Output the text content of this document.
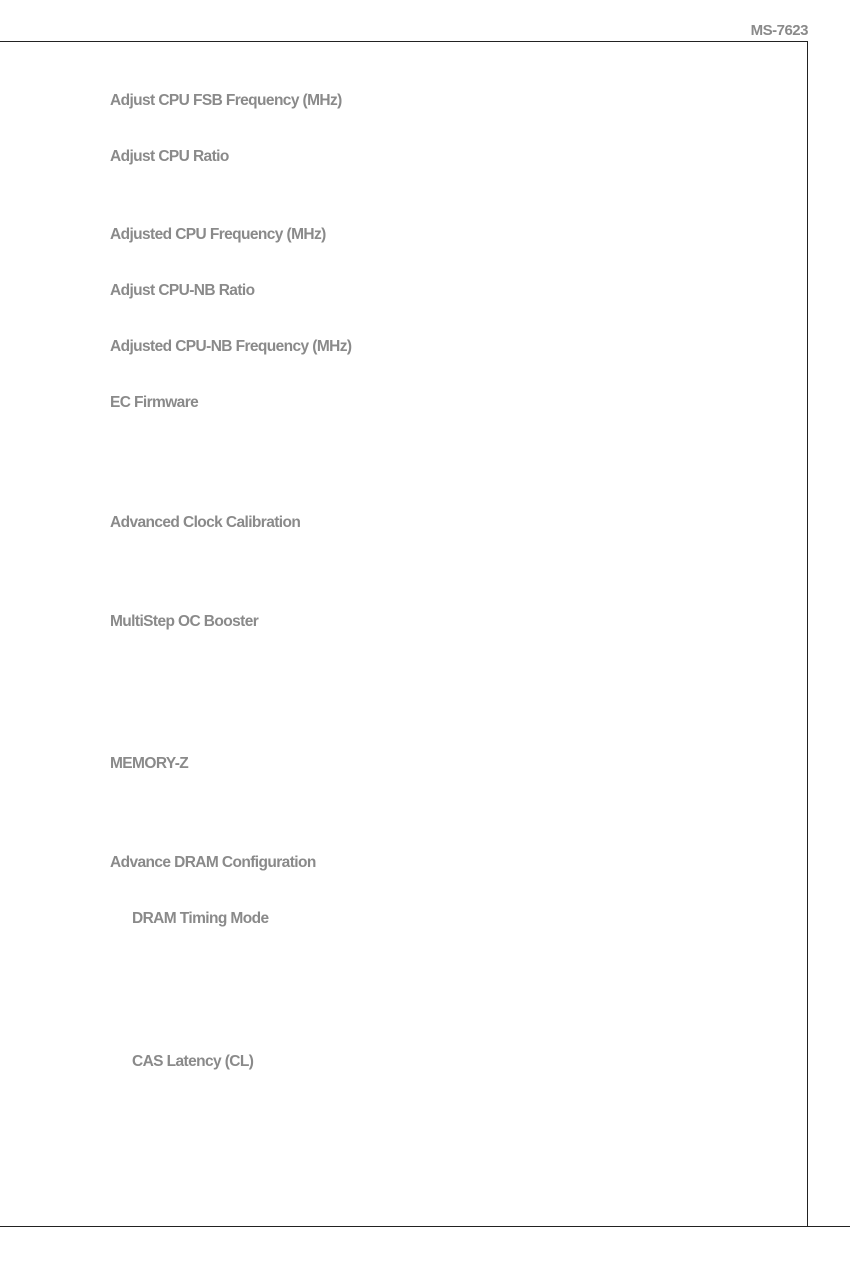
MS-7623
Adjust CPU FSB Frequency (MHz)
Adjust CPU Ratio
Adjusted CPU Frequency (MHz)
Adjust CPU-NB Ratio
Adjusted CPU-NB Frequency (MHz)
EC Firmware
Advanced Clock Calibration
MultiStep OC Booster
MEMORY-Z
Advance DRAM Configuration
DRAM Timing Mode
CAS Latency (CL)
